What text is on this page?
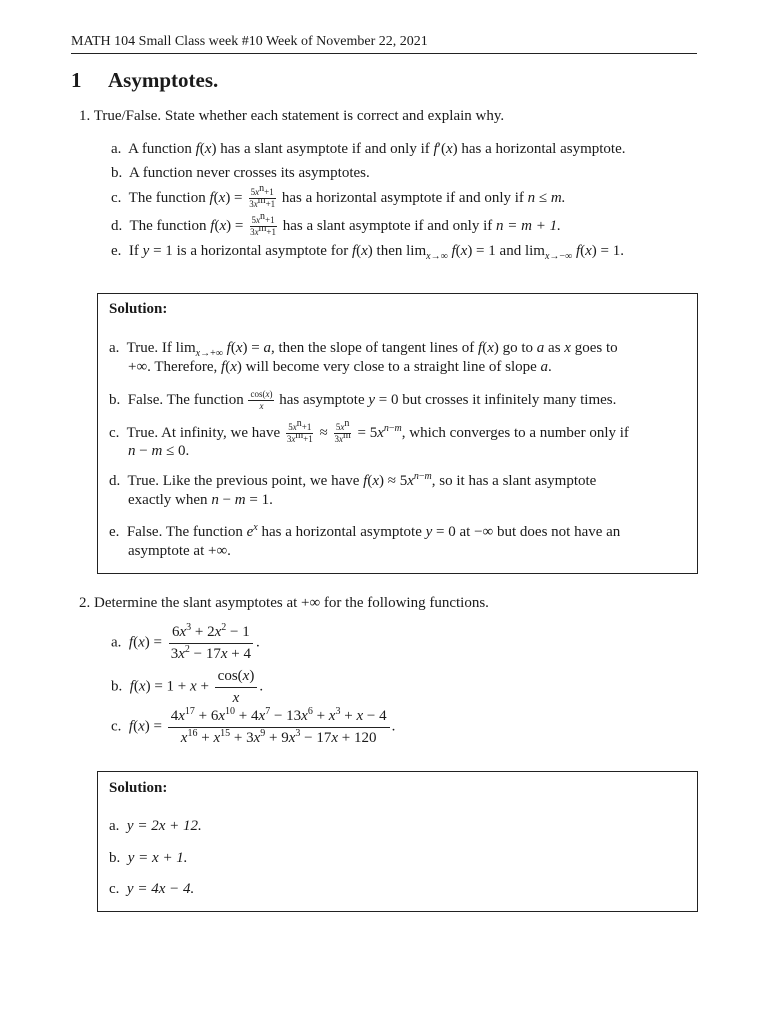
MATH 104 Small Class week #10 Week of November 22, 2021
1 Asymptotes.
1. True/False. State whether each statement is correct and explain why.
a. A function f(x) has a slant asymptote if and only if f′(x) has a horizontal asymptote.
b. A function never crosses its asymptotes.
c. The function $f(x) = \frac{5x^n+1}{3x^m+1}$ has a horizontal asymptote if and only if n ≤ m.
d. The function $f(x) = \frac{5x^n+1}{3x^m+1}$ has a slant asymptote if and only if n = m + 1.
e. If y = 1 is a horizontal asymptote for f(x) then $\lim_{x\to\infty} f(x) = 1$ and $\lim_{x\to-\infty} f(x) = 1$.
Solution:
a.  True. If $\lim_{x\to+\infty} f(x) = a$, then the slope of tangent lines of f(x) go to a as x goes to
+∞. Therefore, f(x) will become very close to a straight line of slope a.
b.  False. The function $\frac{\cos(x)}{x}$ has asymptote y = 0 but crosses it infinitely many times.
c.  True. At infinity, we have $\frac{5x^n+1}{3x^m+1} \approx \frac{5x^n}{3x^m} = 5x^{n-m}$, which converges to a number only if
n − m ≤ 0.
d.  True. Like the previous point, we have $f(x) \approx 5x^{n-m}$, so it has a slant asymptote
exactly when n − m = 1.
e.  False. The function $e^x$ has a horizontal asymptote y = 0 at −∞ but does not have an
asymptote at +∞.
2. Determine the slant asymptotes at +∞ for the following functions.
a. $f(x) = \frac{6x^3 + 2x^2 - 1}{3x^2 - 17x + 4}$ .
b. $f(x) = 1 + x + \frac{\cos(x)}{x}$ .
c. $f(x) = \frac{4x^{17} + 6x^{10} + 4x^7 - 13x^6 + x^3 + x - 4}{x^{16} + x^{15} + 3x^9 + 9x^3 - 17x + 120}$ .
Solution:
a.  y = 2x + 12.
b.  y = x + 1.
c.  y = 4x − 4.
